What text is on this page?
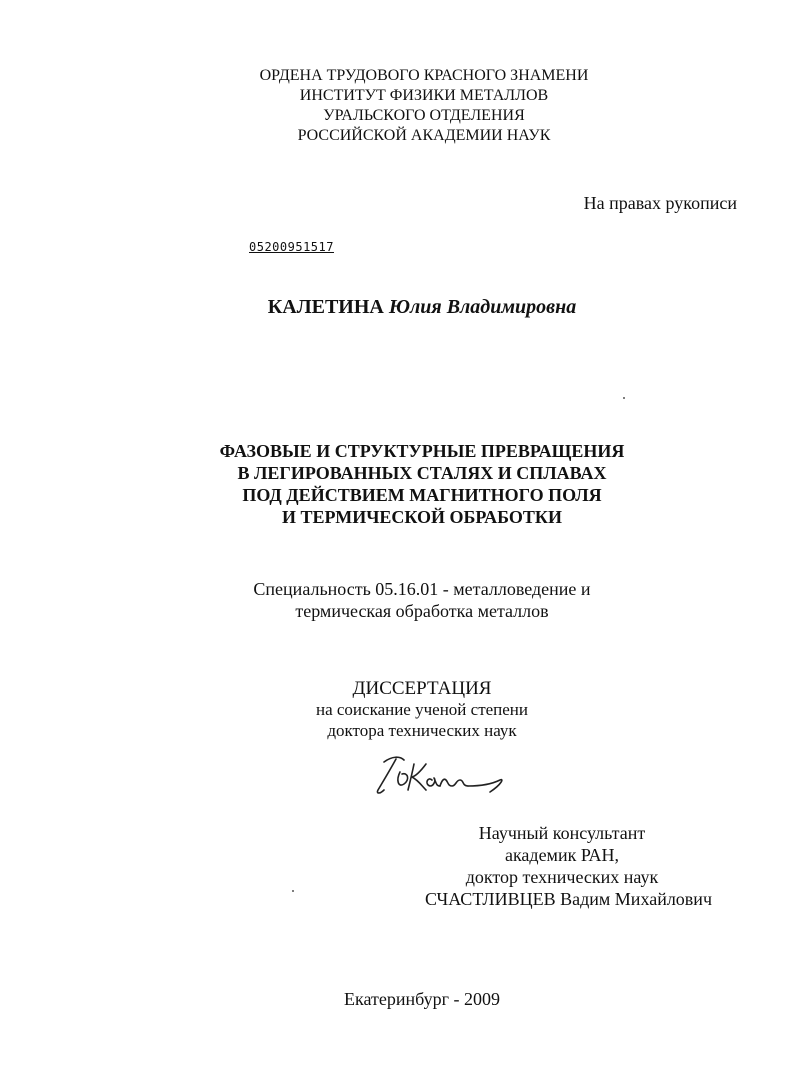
ОРДЕНА ТРУДОВОГО КРАСНОГО ЗНАМЕНИ
ИНСТИТУТ ФИЗИКИ МЕТАЛЛОВ
УРАЛЬСКОГО ОТДЕЛЕНИЯ
РОССИЙСКОЙ АКАДЕМИИ НАУК
На правах рукописи
05200951517
КАЛЕТИНА Юлия Владимировна
ФАЗОВЫЕ И СТРУКТУРНЫЕ ПРЕВРАЩЕНИЯ
В ЛЕГИРОВАННЫХ СТАЛЯХ И СПЛАВАХ
ПОД ДЕЙСТВИЕМ МАГНИТНОГО ПОЛЯ
И ТЕРМИЧЕСКОЙ ОБРАБОТКИ
Специальность 05.16.01 - металловедение и
термическая обработка металлов
ДИССЕРТАЦИЯ
на соискание ученой степени
доктора технических наук
Научный консультант
академик РАН,
доктор технических наук
СЧАСТЛИВЦЕВ Вадим Михайлович
Екатеринбург - 2009
